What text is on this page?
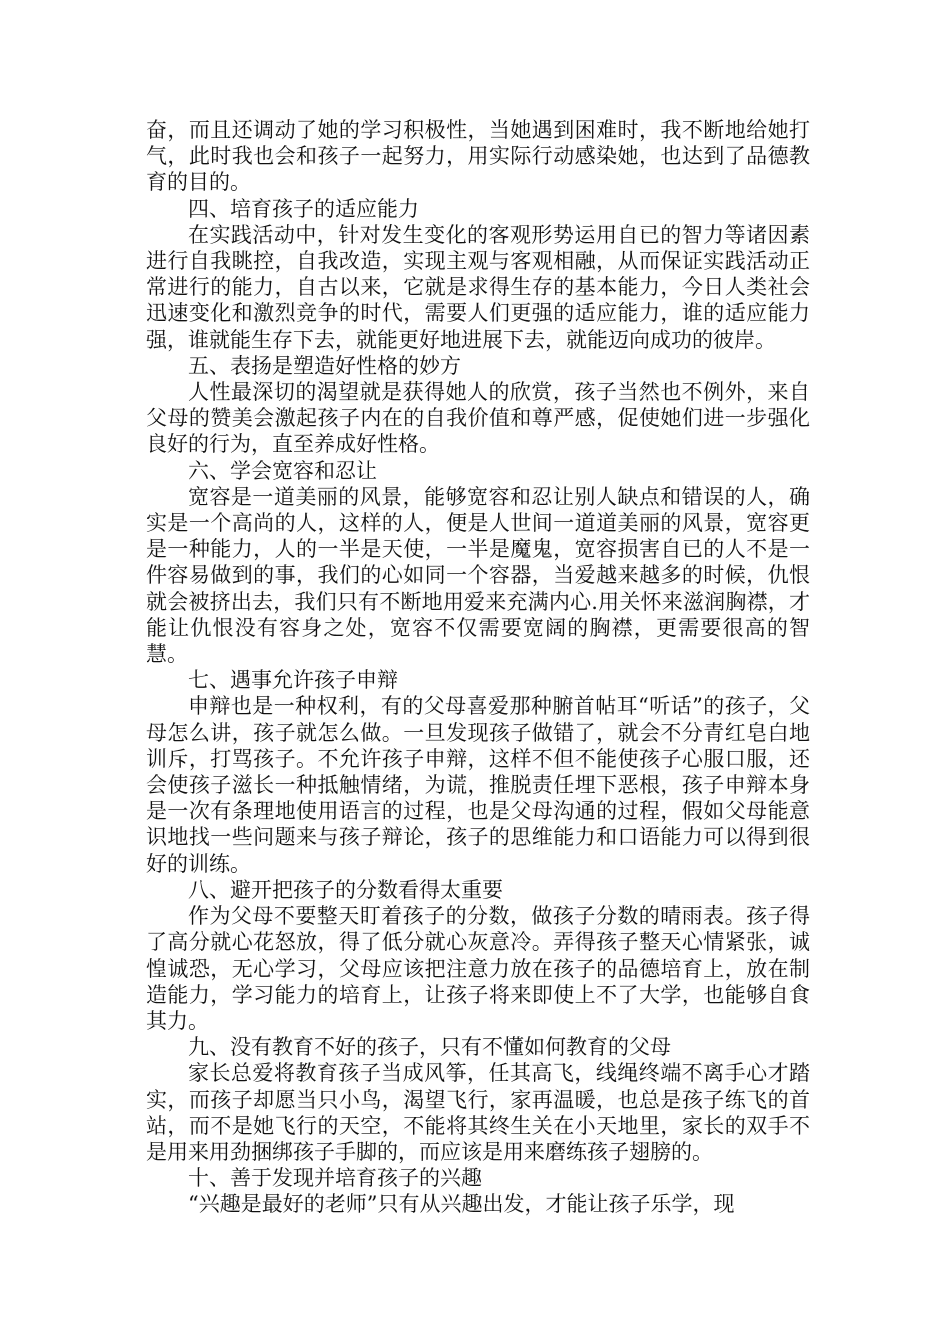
奋，而且还调动了她的学习积极性，当她遇到困难时，我不断地给她打气，此时我也会和孩子一起努力，用实际行动感染她，也达到了品德教育的目的。

四、培育孩子的适应能力

在实践活动中，针对发生变化的客观形势运用自已的智力等诸因素进行自我眺控，自我改造，实现主观与客观相融，从而保证实践活动正常进行的能力，自古以来，它就是求得生存的基本能力，今日人类社会迅速变化和激烈竞争的时代，需要人们更强的适应能力，谁的适应能力强，谁就能生存下去，就能更好地进展下去，就能迈向成功的彼岸。

五、表扬是塑造好性格的妙方

人性最深切的渴望就是获得她人的欣赏，孩子当然也不例外，来自父母的赞美会激起孩子内在的自我价值和尊严感，促使她们进一步强化良好的行为，直至养成好性格。

六、学会宽容和忍让

宽容是一道美丽的风景，能够宽容和忍让别人缺点和错误的人，确实是一个高尚的人，这样的人，便是人世间一道道美丽的风景，宽容更是一种能力，人的一半是天使，一半是魔鬼，宽容损害自已的人不是一件容易做到的事，我们的心如同一个容器，当爱越来越多的时候，仇恨就会被挤出去，我们只有不断地用爱来充满内心.用关怀来滋润胸襟，才能让仇恨没有容身之处，宽容不仅需要宽阔的胸襟，更需要很高的智慧。

七、遇事允许孩子申辩

申辩也是一种权利，有的父母喜爱那种腑首帖耳“听话”的孩子，父母怎么讲，孩子就怎么做。一旦发现孩子做错了，就会不分青红皂白地训斥，打骂孩子。不允许孩子申辩，这样不但不能使孩子心服口服，还会使孩子滋长一种抵触情绪，为谎，推脱责任埋下恶根，孩子申辩本身是一次有条理地使用语言的过程，也是父母沟通的过程，假如父母能意识地找一些问题来与孩子辩论，孩子的思维能力和口语能力可以得到很好的训练。

八、避开把孩子的分数看得太重要

作为父母不要整天盯着孩子的分数，做孩子分数的晴雨表。孩子得了高分就心花怒放，得了低分就心灰意冷。弄得孩子整天心情紧张，诚惶诚恐，无心学习，父母应该把注意力放在孩子的品德培育上，放在制造能力，学习能力的培育上，让孩子将来即使上不了大学，也能够自食其力。

九、没有教育不好的孩子，只有不懂如何教育的父母

家长总爱将教育孩子当成风筝，任其高飞，线绳终端不离手心才踏实，而孩子却愿当只小鸟，渴望飞行，家再温暖，也总是孩子练飞的首站，而不是她飞行的天空，不能将其终生关在小天地里，家长的双手不是用来用劲捆绑孩子手脚的，而应该是用来磨练孩子翅膀的。

十、善于发现并培育孩子的兴趣

“兴趣是最好的老师”只有从兴趣出发，才能让孩子乐学，现
